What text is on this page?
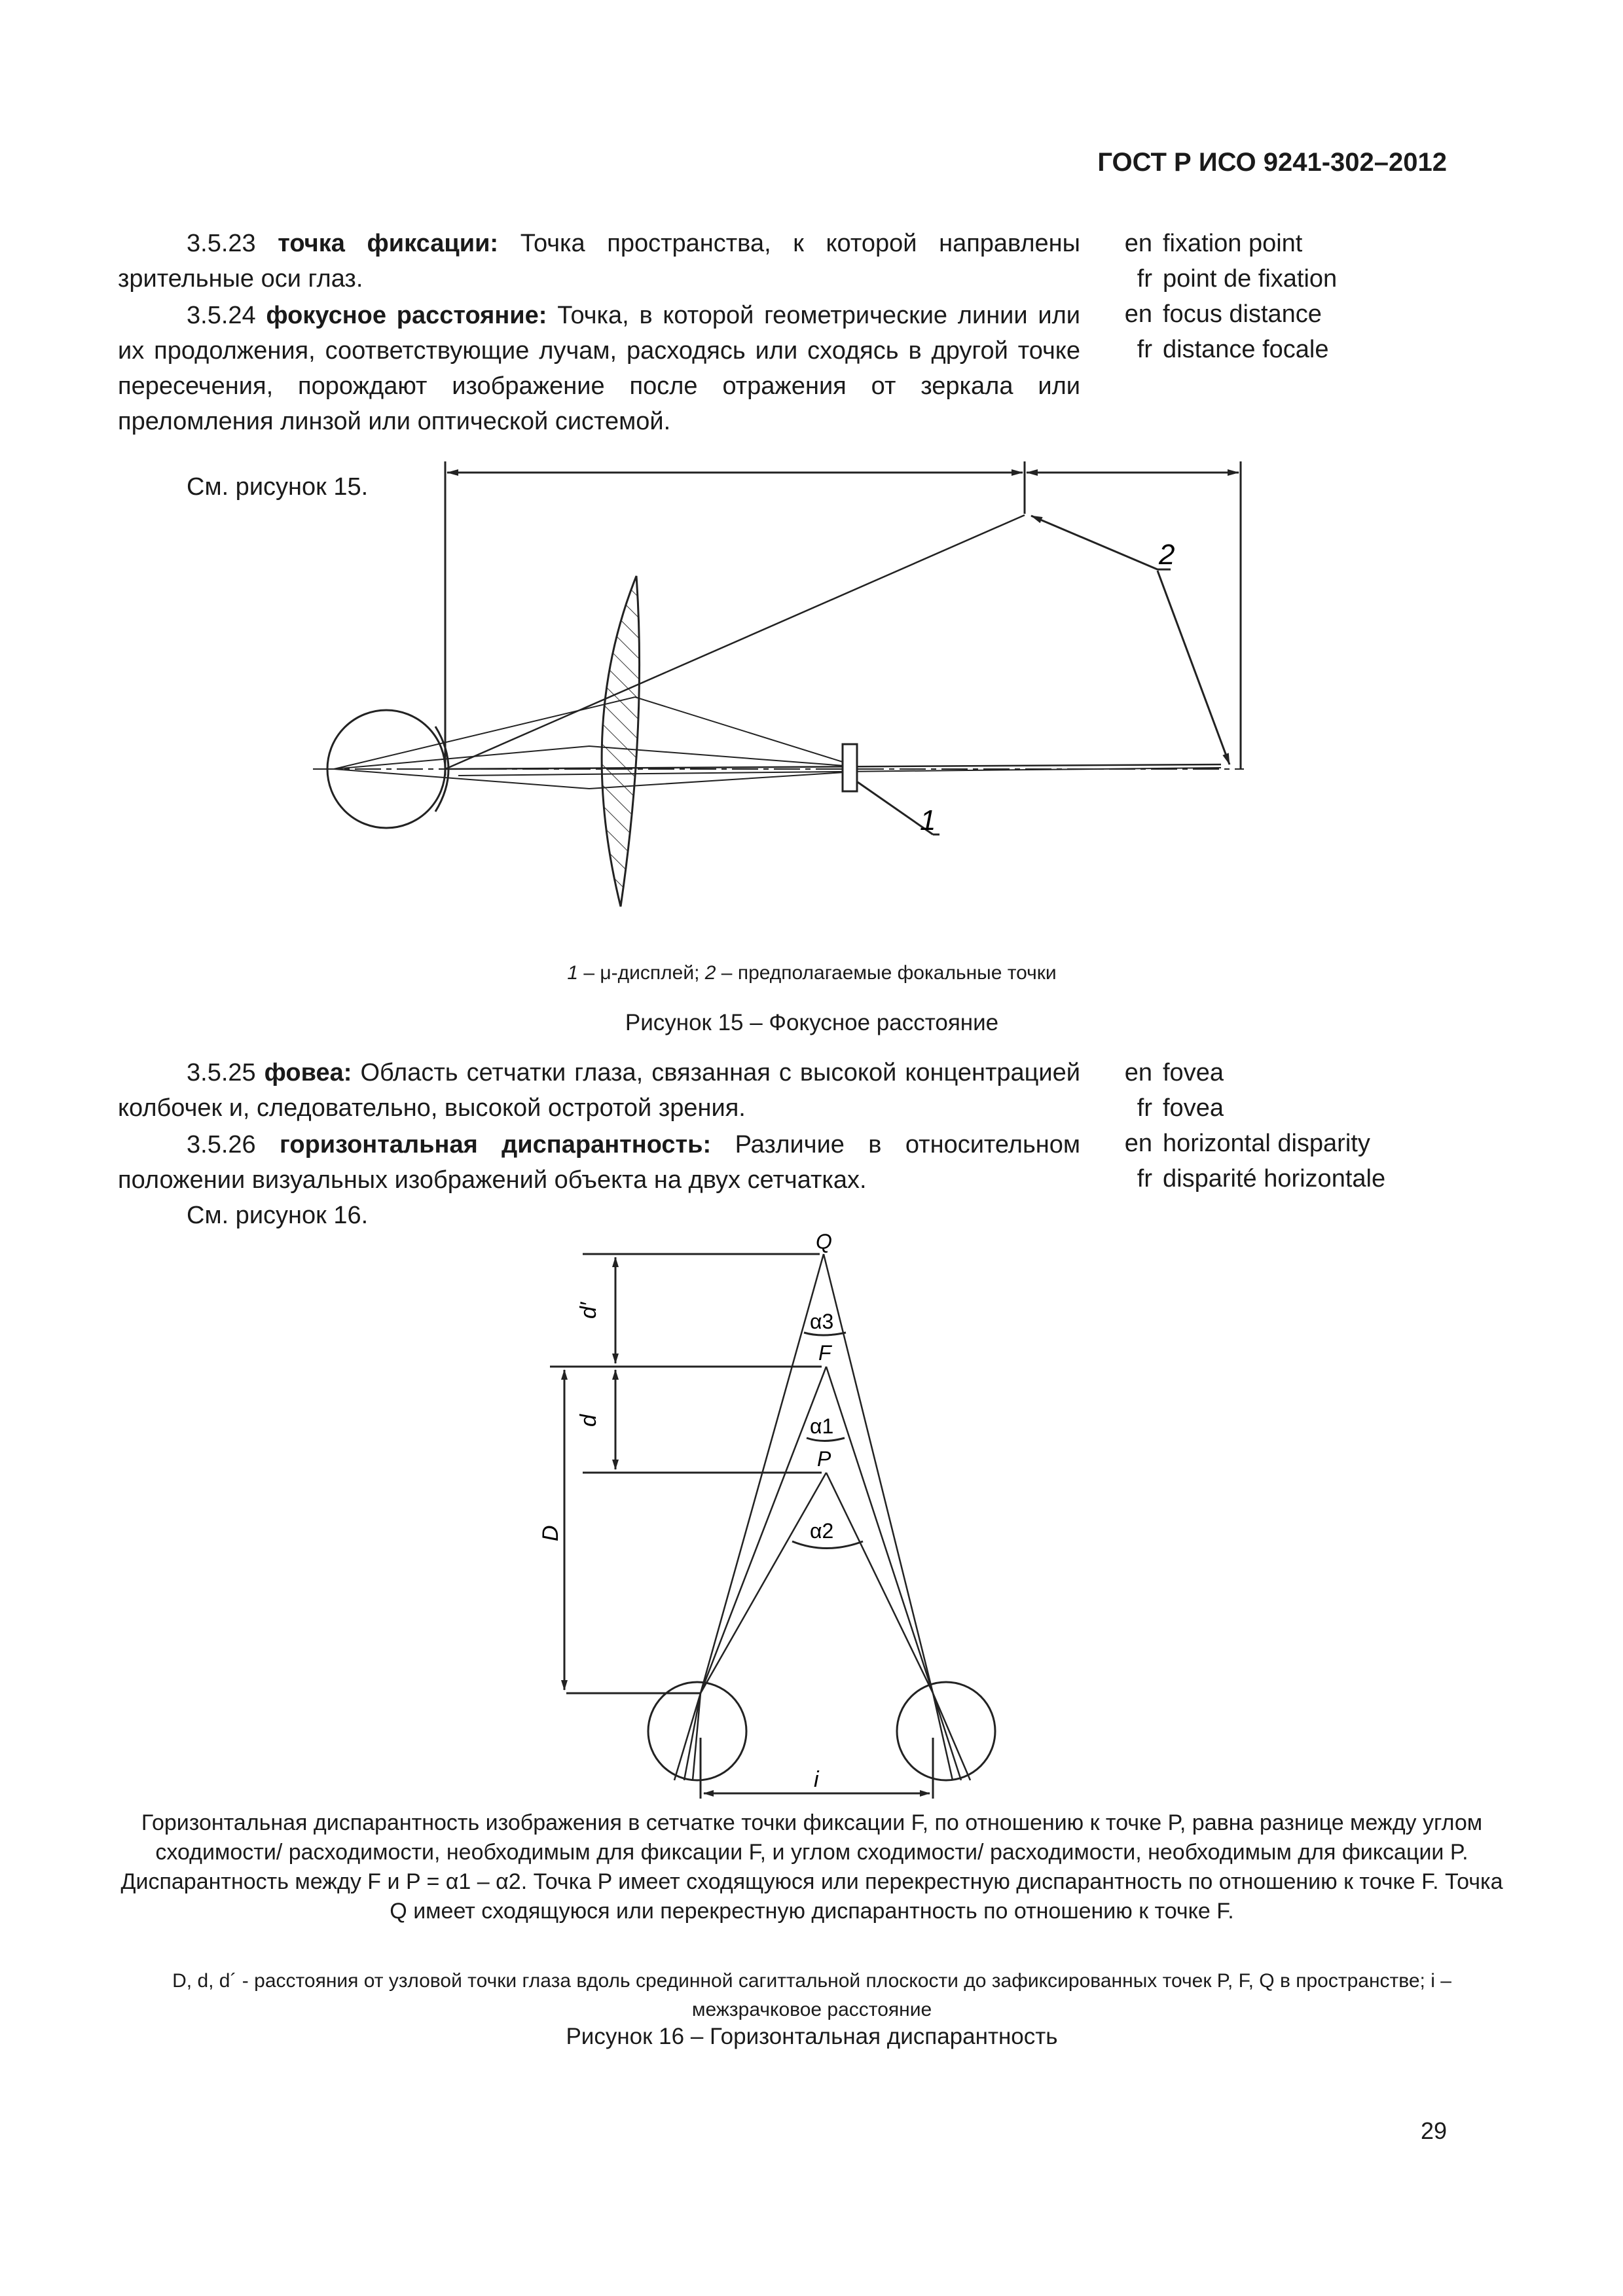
ГОСТ Р ИСО 9241-302–2012

3.5.23 точка фиксации: Точка пространства, к которой направлены зрительные оси глаз.

3.5.24 фокусное расстояние: Точка, в которой геометрические линии или их продолжения, соответствующие лучам, расходясь или сходясь в другой точке пересечения, порождают изображение после отражения от зеркала или преломления линзой или оптической системой.

en fixation point
fr point de fixation
en focus distance
fr distance focale
См. рисунок 15.
1
2
1 – μ-дисплей; 2 – предполагаемые фокальные точки
Рисунок 15 – Фокусное расстояние

3.5.25 фовеа: Область сетчатки глаза, связанная с высокой концентрацией колбочек и, следовательно, высокой остротой зрения.

3.5.26 горизонтальная диспарантность: Различие в относительном положении визуальных изображений объекта на двух сетчатках.

en fovea
fr fovea
en horizontal disparity
fr disparité horizontale
См. рисунок 16.
Q
F
P
α3
α1
α2
d′
d
D
i
Горизонтальная диспарантность изображения в сетчатке точки фиксации F, по отношению к точке P, равна разнице между углом сходимости/ расходимости, необходимым для фиксации F, и углом сходимости/ расходимости, необходимым для фиксации P. Диспарантность между F и P = α1 – α2. Точка P имеет сходящуюся или перекрестную диспарантность по отношению к точке F. Точка Q имеет сходящуюся или перекрестную диспарантность по отношению к точке F.
D, d, d´ - расстояния от узловой точки глаза вдоль срединной сагиттальной плоскости до зафиксированных точек P, F, Q в пространстве; i – межзрачковое расстояние
Рисунок 16 – Горизонтальная диспарантность
29
